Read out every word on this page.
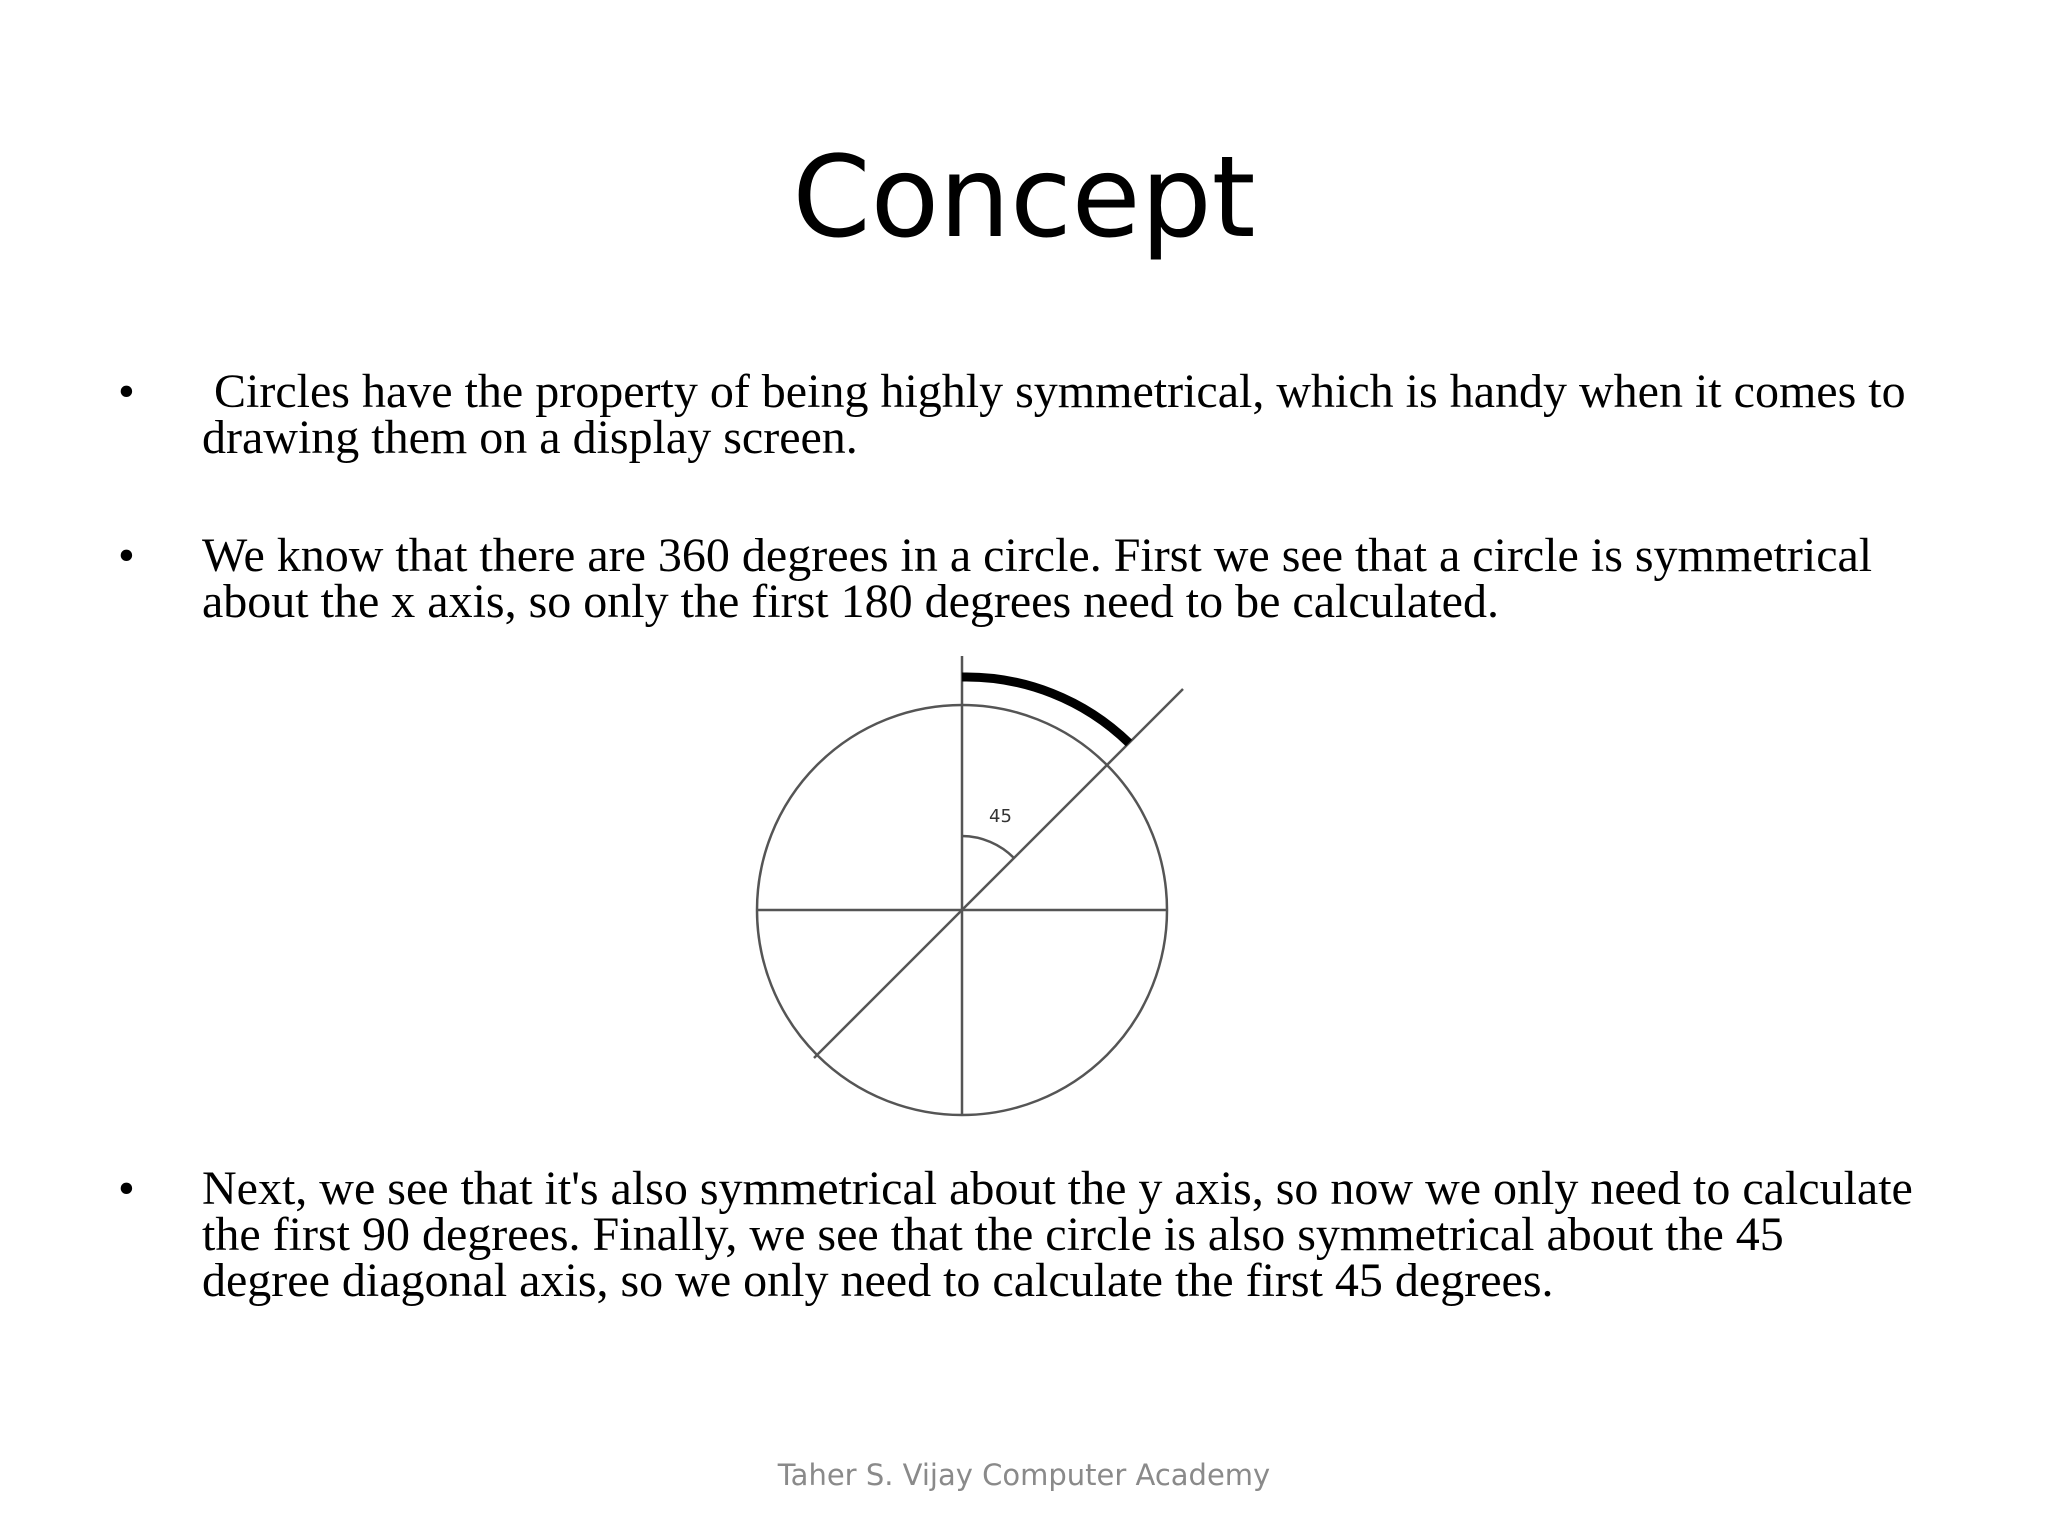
Concept
• Circles have the property of being highly symmetrical, which is handy when it comes to
drawing them on a display screen.
• We know that there are 360 degrees in a circle. First we see that a circle is symmetrical
about the x axis, so only the first 180 degrees need to be calculated.
45
• Next, we see that it's also symmetrical about the y axis, so now we only need to calculate
the first 90 degrees. Finally, we see that the circle is also symmetrical about the 45
degree diagonal axis, so we only need to calculate the first 45 degrees.
Taher S. Vijay Computer Academy
